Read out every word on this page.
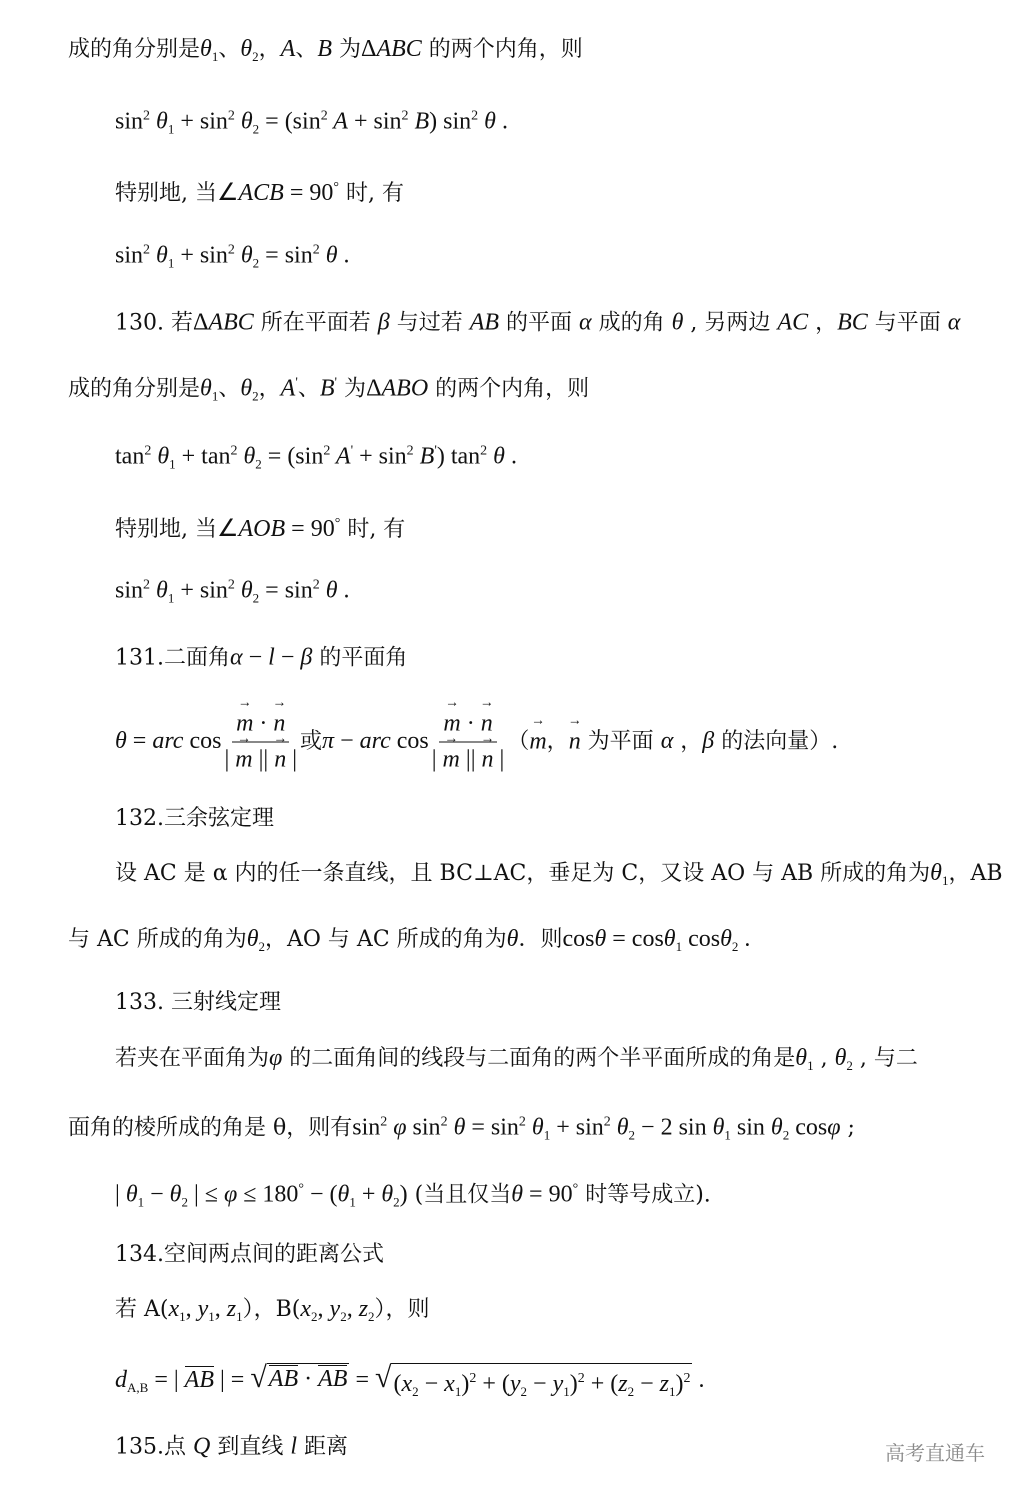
成的角分别是$\theta_1$、$\theta_2$，A、B 为ΔABC 的两个内角，则
$\sin^2 \theta_1 + \sin^2 \theta_2 = (\sin^2$ $A + \sin^2 B$) $\sin^2 \theta$ .
特别地, 当∠ACB = 90° 时, 有
$\sin^2 \theta_1 + \sin^2 \theta_2 = \sin^2 \theta$ .
130. 若ΔABC 所在平面若 β 与过若 AB 的平面 α 成的角 θ , 另两边 AC ，BC 与平面 α
成的角分别是$\theta_1$、$\theta_2$，A'、B' 为ΔABO 的两个内角，则
$\tan^2 \theta_1 + \tan^2 \theta_2 = (\sin^2$ $A' + \sin^2 B'$) $\tan^2 \theta$ .
特别地, 当∠AOB = 90° 时, 有
$\sin^2 \theta_1 + \sin^2 \theta_2 = \sin^2 \theta$ .
131.二面角α − l − β 的平面角
θ = arc $\cos \to \frac{m \cdot \to n}{| \to m || \to n |}$ 或π − arc $\cos \to \frac{m \cdot \to n}{| \to m || \to n |}$ （→ m，→ n 为平面 α ，β 的法向量）.
132.三余弦定理
设 AC 是 α 内的任一条直线，且 BC⊥AC，垂足为 C，又设 AO 与 AB 所成的角为$\theta_1$，AB
与 AC 所成的角为$\theta_2$，AO 与 AC 所成的角为θ．则cosθ = cosθ$_1$ cosθ$_2$ .
133. 三射线定理
若夹在平面角为φ 的二面角间的线段与二面角的两个半平面所成的角是$\theta_1$ , $\theta_2$ , 与二
面角的棱所成的角是 θ，则有$\sin^2 \varphi$ $\sin^2 \theta = \sin^2 \theta_1 + \sin^2 \theta_2 - 2$ $\sin \theta_1$ $\sin \theta_2$ cosφ ;
| $\theta_1 - \theta_2$ | ≤ $\varphi \le 180^\circ - (\theta_1 + \theta_2)$ (当且仅当θ = 90° 时等号成立).
134.空间两点间的距离公式
若 $A(x_1$, $y_1$, $z_1$），$B(x_2$, $y_2$, $z_2$），则
$d_{A,B}$ = | AB | = √ AB · AB = √ $(x_2 - x_1)^2 + (y_2 - y_1)^2 + (z_2 - z_1)^2$ .
135.点 Q 到直线 l 距离	高考直通车
